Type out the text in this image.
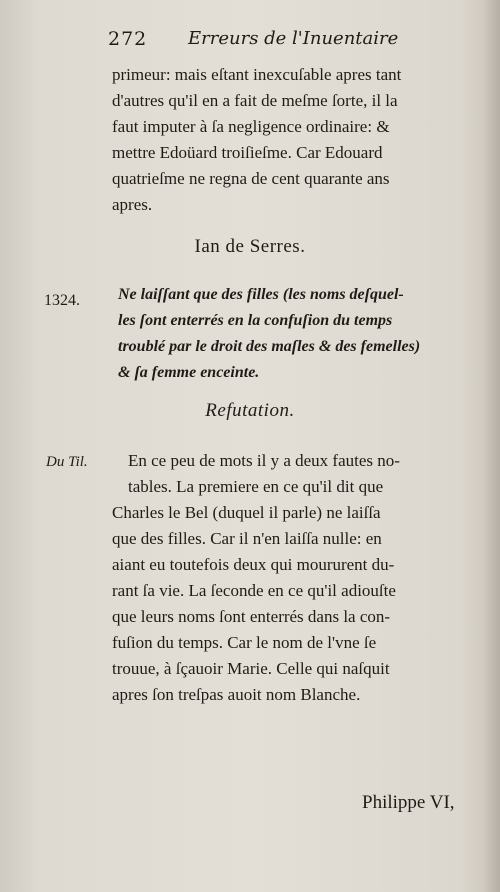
272 Erreurs de l'Inuentaire
primeur: mais eſtant inexcuſable apres tant
d'autres qu'il en a fait de meſme ſorte, il la
faut imputer à ſa negligence ordinaire: &
mettre Edoüard troiſieſme. Car Edouard
quatrieſme ne regna de cent quarante ans
apres.
Ian de Serres.
1324. Ne laiſſant que des filles (les noms deſquel-
les ſont enterrés en la confuſion du temps
troublé par le droit des maſles & des femelles)
& ſa femme enceinte.
Refutation.
Du Til. En ce peu de mots il y a deux fautes no-
tables. La premiere en ce qu'il dit que
Charles le Bel (duquel il parle) ne laiſſa
que des filles. Car il n'en laiſſa nulle: en
aiant eu toutefois deux qui moururent du-
rant ſa vie. La ſeconde en ce qu'il adiouſte
que leurs noms ſont enterrés dans la con-
fuſion du temps. Car le nom de l'vne ſe
trouue, à ſçauoir Marie. Celle qui naſquit
apres ſon treſpas auoit nom Blanche.
Philippe VI,
